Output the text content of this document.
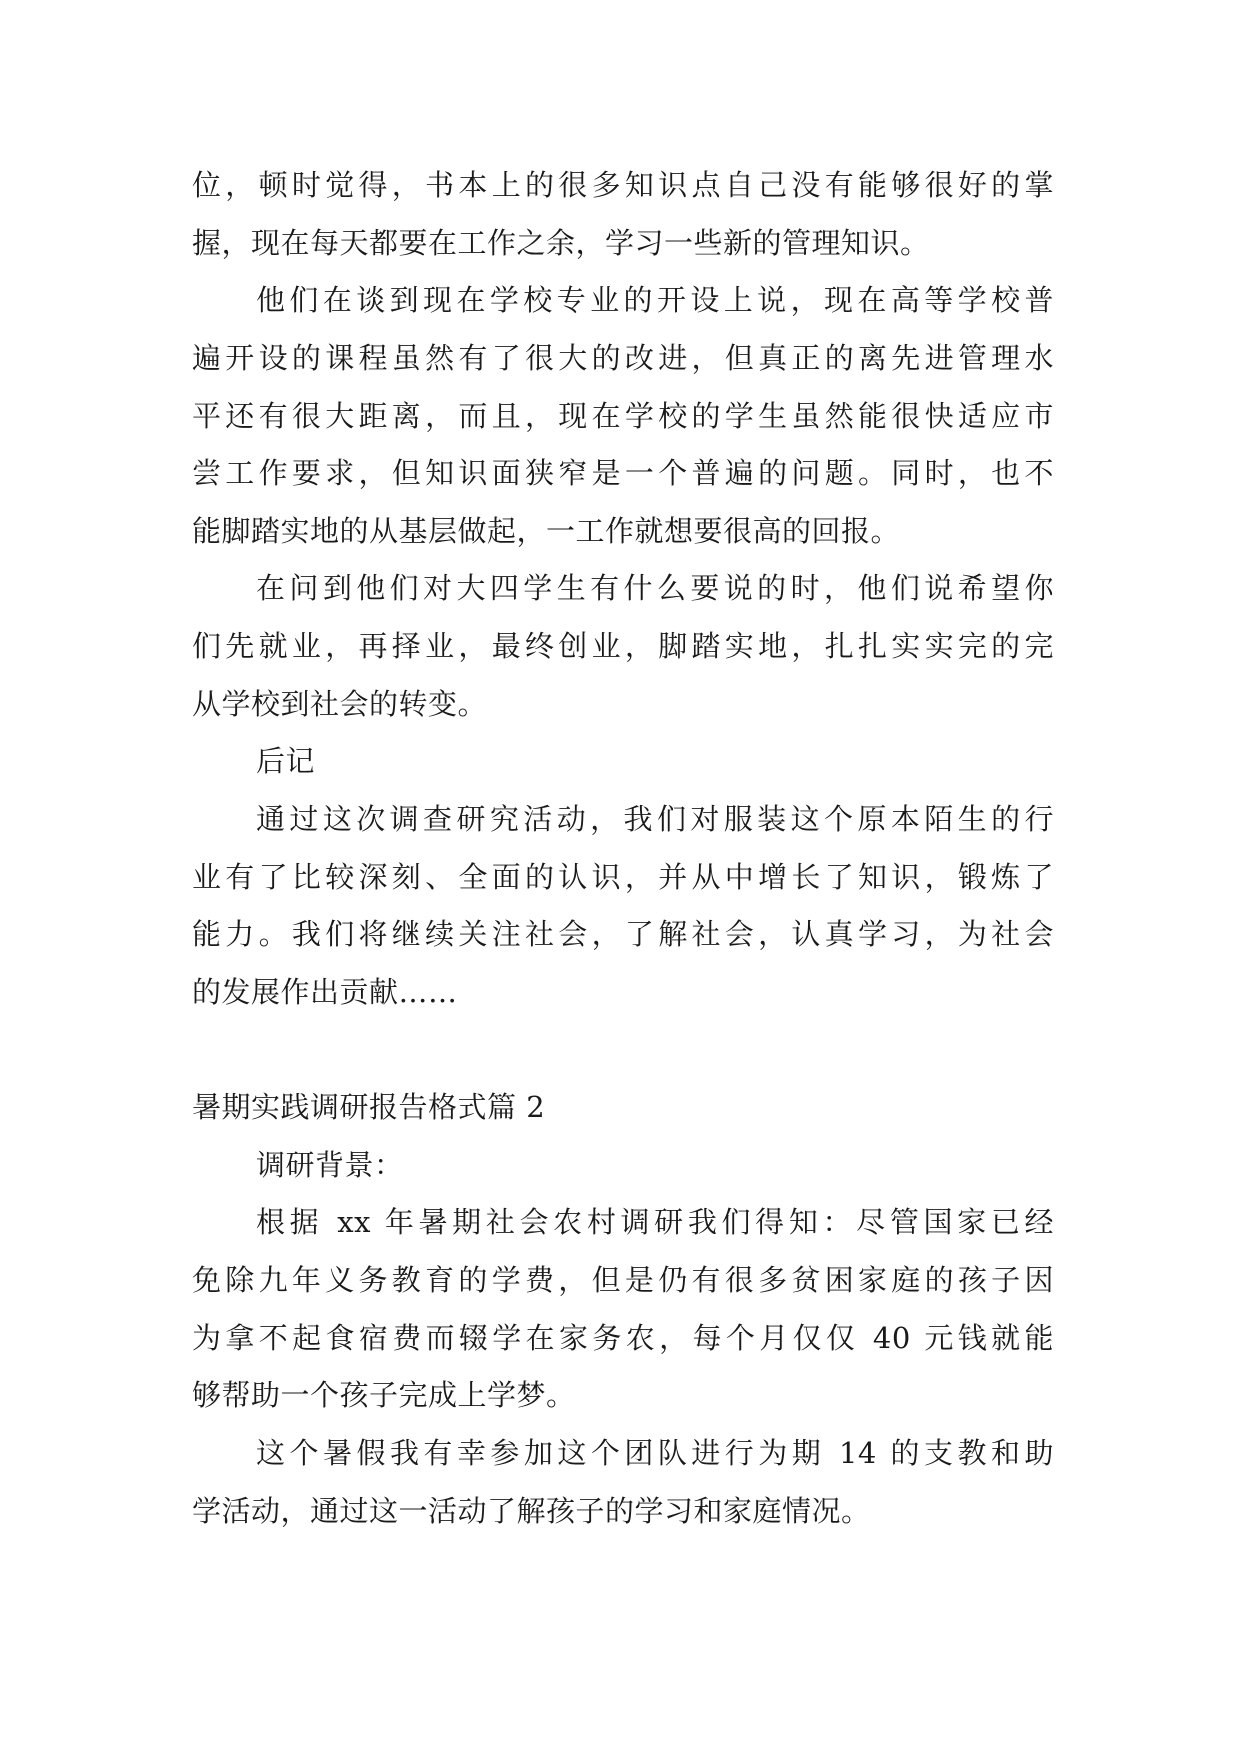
位，顿时觉得，书本上的很多知识点自己没有能够很好的掌
握，现在每天都要在工作之余，学习一些新的管理知识。
他们在谈到现在学校专业的开设上说，现在高等学校普
遍开设的课程虽然有了很大的改进，但真正的离先进管理水
平还有很大距离，而且，现在学校的学生虽然能很快适应市
尝工作要求，但知识面狭窄是一个普遍的问题。同时，也不
能脚踏实地的从基层做起，一工作就想要很高的回报。
在问到他们对大四学生有什么要说的时，他们说希望你
们先就业，再择业，最终创业，脚踏实地，扎扎实实完的完
从学校到社会的转变。
后记
通过这次调查研究活动，我们对服装这个原本陌生的行
业有了比较深刻、全面的认识，并从中增长了知识，锻炼了
能力。我们将继续关注社会，了解社会，认真学习，为社会
的发展作出贡献……
暑期实践调研报告格式篇 2
调研背景：
根据 xx 年暑期社会农村调研我们得知：尽管国家已经
免除九年义务教育的学费，但是仍有很多贫困家庭的孩子因
为拿不起食宿费而辍学在家务农，每个月仅仅 40 元钱就能
够帮助一个孩子完成上学梦。
这个暑假我有幸参加这个团队进行为期 14 的支教和助
学活动，通过这一活动了解孩子的学习和家庭情况。
